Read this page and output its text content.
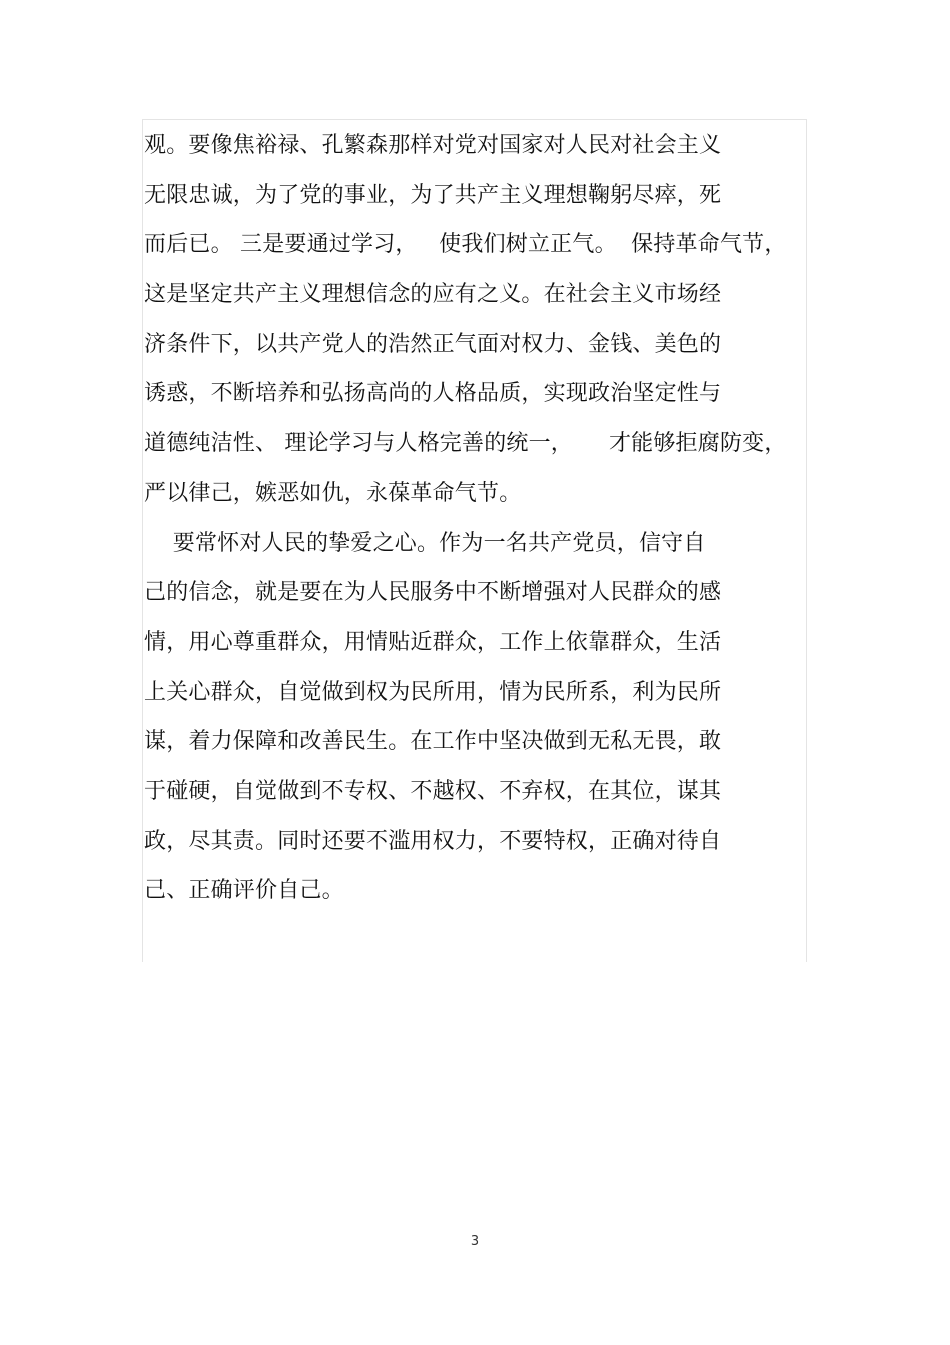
观。要像焦裕禄、孔繁森那样对党对国家对人民对社会主义
无限忠诚，为了党的事业，为了共产主义理想鞠躬尽瘁，死
而后已。 三是要通过学习，   使我们树立正气。  保持革命气节，
这是坚定共产主义理想信念的应有之义。在社会主义市场经
济条件下，以共产党人的浩然正气面对权力、金钱、美色的
诱惑，不断培养和弘扬高尚的人格品质，实现政治坚定性与
道德纯洁性、 理论学习与人格完善的统一，     才能够拒腐防变，
严以律己，嫉恶如仇，永葆革命气节。
要常怀对人民的挚爱之心。作为一名共产党员，信守自
己的信念，就是要在为人民服务中不断增强对人民群众的感
情，用心尊重群众，用情贴近群众，工作上依靠群众，生活
上关心群众，自觉做到权为民所用，情为民所系，利为民所
谋，着力保障和改善民生。在工作中坚决做到无私无畏，敢
于碰硬，自觉做到不专权、不越权、不弃权，在其位，谋其
政，尽其责。同时还要不滥用权力，不要特权，正确对待自
己、正确评价自己。
3
